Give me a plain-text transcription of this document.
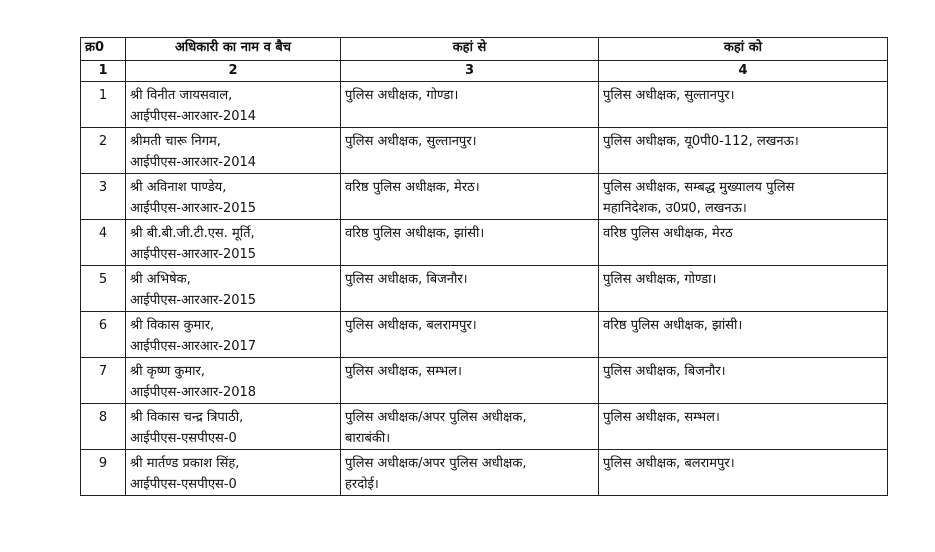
क्र0	अधिकारी का नाम व बैच	कहां से	कहां को
1	2	3	4
1	श्री विनीत जायसवाल,
आईपीएस-आरआर-2014	पुलिस अधीक्षक, गोण्डा।	पुलिस अधीक्षक, सुल्तानपुर।

2	श्रीमती चारू निगम,
आईपीएस-आरआर-2014	पुलिस अधीक्षक, सुल्तानपुर।	पुलिस अधीक्षक, यू0पी0-112, लखनऊ।

3	श्री अविनाश पाण्डेय,
आईपीएस-आरआर-2015	वरिष्ठ पुलिस अधीक्षक, मेरठ।	पुलिस अधीक्षक, सम्बद्ध मुख्यालय पुलिस
महानिदेशक, उ0प्र0, लखनऊ।

4	श्री बी.बी.जी.टी.एस. मूर्ति,
आईपीएस-आरआर-2015	वरिष्ठ पुलिस अधीक्षक, झांसी।	वरिष्ठ पुलिस अधीक्षक, मेरठ

5	श्री अभिषेक,
आईपीएस-आरआर-2015	पुलिस अधीक्षक, बिजनौर।	पुलिस अधीक्षक, गोण्डा।

6	श्री विकास कुमार,
आईपीएस-आरआर-2017	पुलिस अधीक्षक, बलरामपुर।	वरिष्ठ पुलिस अधीक्षक, झांसी।

7	श्री कृष्ण कुमार,
आईपीएस-आरआर-2018	पुलिस अधीक्षक, सम्भल।	पुलिस अधीक्षक, बिजनौर।

8	श्री विकास चन्द्र त्रिपाठी,
आईपीएस-एसपीएस-0	पुलिस अधीक्षक/अपर पुलिस अधीक्षक,
बाराबंकी।	पुलिस अधीक्षक, सम्भल।

9	श्री मार्तण्ड प्रकाश सिंह,
आईपीएस-एसपीएस-0	पुलिस अधीक्षक/अपर पुलिस अधीक्षक,
हरदोई।	पुलिस अधीक्षक, बलरामपुर।
